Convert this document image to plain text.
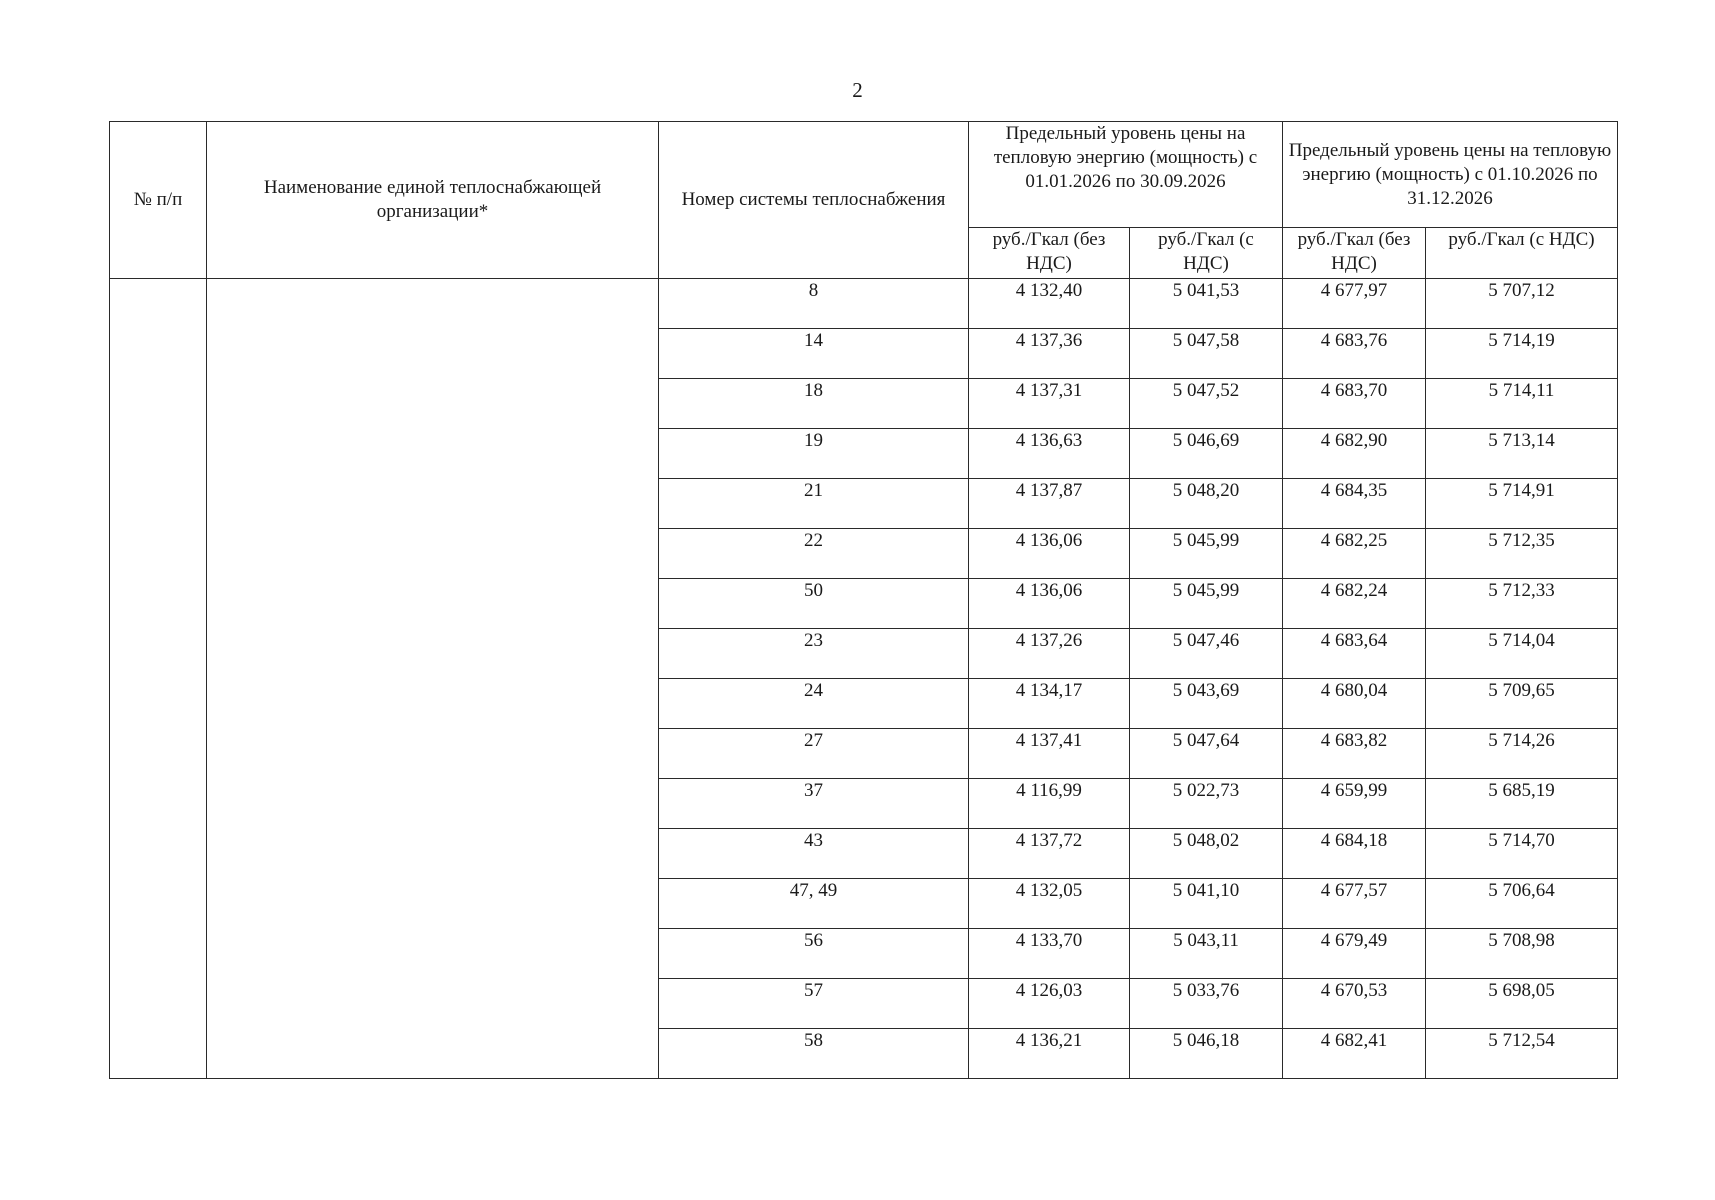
2
№ п/п	Наименование единой теплоснабжающей организации*	Номер системы теплоснабжения	Предельный уровень цены на тепловую энергию (мощность) с 01.01.2026 по 30.09.2026		Предельный уровень цены на тепловую энергию (мощность) с 01.10.2026 по 31.12.2026	
			руб./Гкал (без НДС)	руб./Гкал (с НДС)	руб./Гкал (без НДС)	руб./Гкал (с НДС)
		8	4 132,40	5 041,53	4 677,97	5 707,12
		14	4 137,36	5 047,58	4 683,76	5 714,19
		18	4 137,31	5 047,52	4 683,70	5 714,11
		19	4 136,63	5 046,69	4 682,90	5 713,14
		21	4 137,87	5 048,20	4 684,35	5 714,91
		22	4 136,06	5 045,99	4 682,25	5 712,35
		50	4 136,06	5 045,99	4 682,24	5 712,33
		23	4 137,26	5 047,46	4 683,64	5 714,04
		24	4 134,17	5 043,69	4 680,04	5 709,65
		27	4 137,41	5 047,64	4 683,82	5 714,26
		37	4 116,99	5 022,73	4 659,99	5 685,19
		43	4 137,72	5 048,02	4 684,18	5 714,70
		47, 49	4 132,05	5 041,10	4 677,57	5 706,64
		56	4 133,70	5 043,11	4 679,49	5 708,98
		57	4 126,03	5 033,76	4 670,53	5 698,05
		58	4 136,21	5 046,18	4 682,41	5 712,54
